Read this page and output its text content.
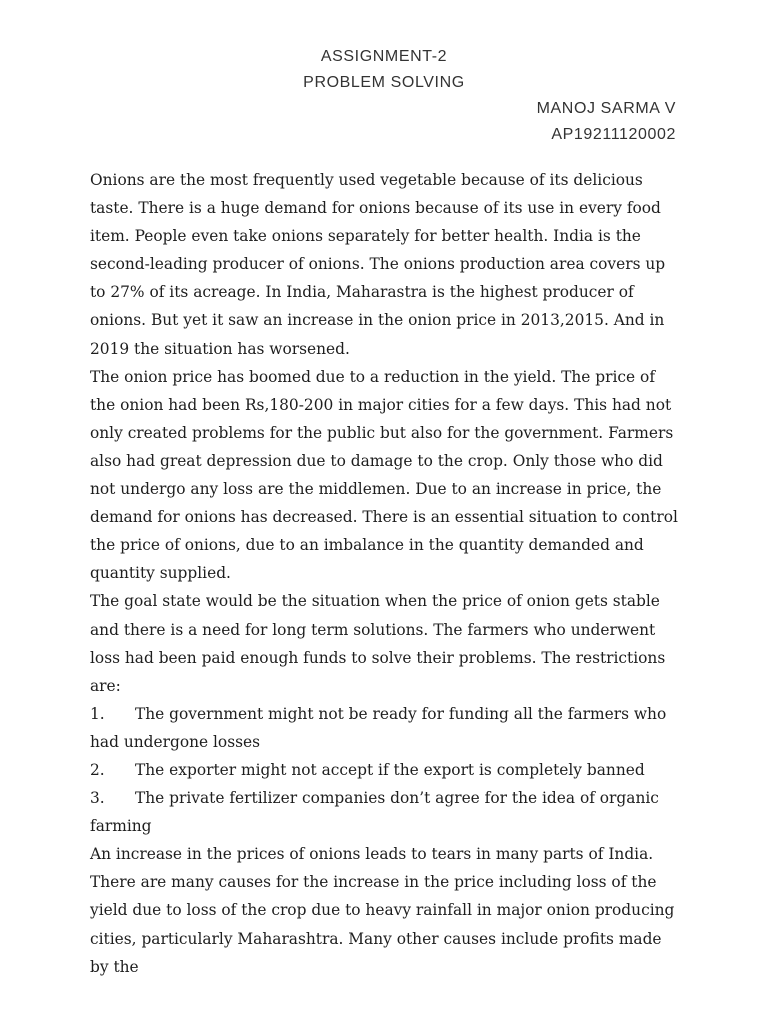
ASSIGNMENT-2
PROBLEM SOLVING
MANOJ SARMA V
AP19211120002

Onions are the most frequently used vegetable because of its delicious taste. There is a huge demand for onions because of its use in every food item. People even take onions separately for better health. India is the second-leading producer of onions. The onions production area covers up to 27% of its acreage. In India, Maharastra is the highest producer of onions. But yet it saw an increase in the onion price in 2013,2015. And in 2019 the situation has worsened.

The onion price has boomed due to a reduction in the yield. The price of the onion had been Rs,180-200 in major cities for a few days. This had not only created problems for the public but also for the government. Farmers also had great depression due to damage to the crop. Only those who did not undergo any loss are the middlemen. Due to an increase in price, the demand for onions has decreased. There is an essential situation to control the price of onions, due to an imbalance in the quantity demanded and quantity supplied.

The goal state would be the situation when the price of onion gets stable and there is a need for long term solutions. The farmers who underwent loss had been paid enough funds to solve their problems. The restrictions are:

1. The government might not be ready for funding all the farmers who had undergone losses
2. The exporter might not accept if the export is completely banned
3. The private fertilizer companies don’t agree for the idea of organic farming

An increase in the prices of onions leads to tears in many parts of India. There are many causes for the increase in the price including loss of the yield due to loss of the crop due to heavy rainfall in major onion producing cities, particularly Maharashtra. Many other causes include profits made by the
